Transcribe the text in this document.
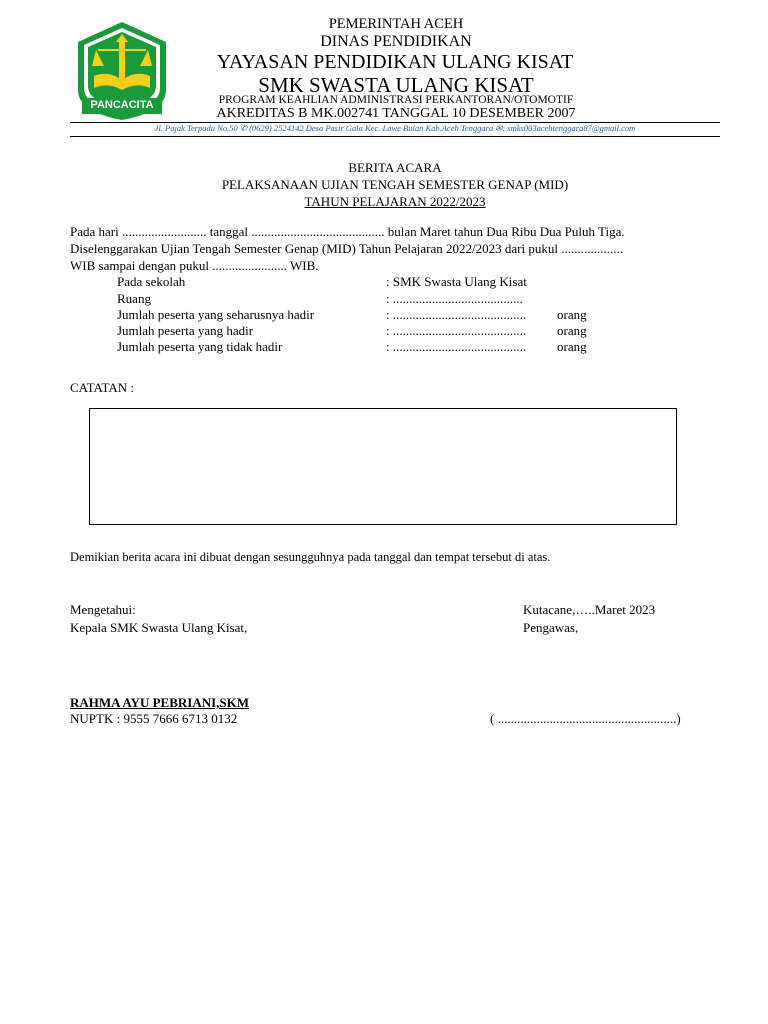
PANCACITA
PEMERINTAH ACEH
DINAS PENDIDIKAN
YAYASAN PENDIDIKAN ULANG KISAT
SMK SWASTA ULANG KISAT
PROGRAM KEAHLIAN ADMINISTRASI PERKANTORAN/OTOMOTIF
AKREDITAS B MK.002741 TANGGAL 10 DESEMBER 2007
Jl. Pajak Terpadu No.50 ✆ (0629) 2524142 Desa Pasir Gala Kec. Lawe Bulan Kab.Aceh Tenggara ✉: smks003acehtenggara87@gmail.com
BERITA ACARA
PELAKSANAAN UJIAN TENGAH SEMESTER GENAP (MID)
TAHUN PELAJARAN 2022/2023
Pada hari .......................... tanggal ......................................... bulan Maret tahun Dua Ribu Dua Puluh Tiga.
Diselenggarakan Ujian Tengah Semester Genap (MID) Tahun Pelajaran 2022/2023 dari pukul ...................
WIB sampai dengan pukul ....................... WIB.
Pada sekolah	: SMK Swasta Ulang Kisat
Ruang	: ........................................
Jumlah peserta yang seharusnya hadir	: ......................................... orang
Jumlah peserta yang hadir	: ......................................... orang
Jumlah peserta yang tidak hadir	: ......................................... orang
CATATAN :
Demikian berita acara ini dibuat dengan sesungguhnya pada tanggal dan tempat tersebut di atas.
Mengetahui:
Kepala SMK Swasta Ulang Kisat,
Kutacane,…..Maret 2023
Pengawas,
RAHMA AYU PEBRIANI,SKM
NUPTK : 9555 7666 6713 0132	( .......................................................)
